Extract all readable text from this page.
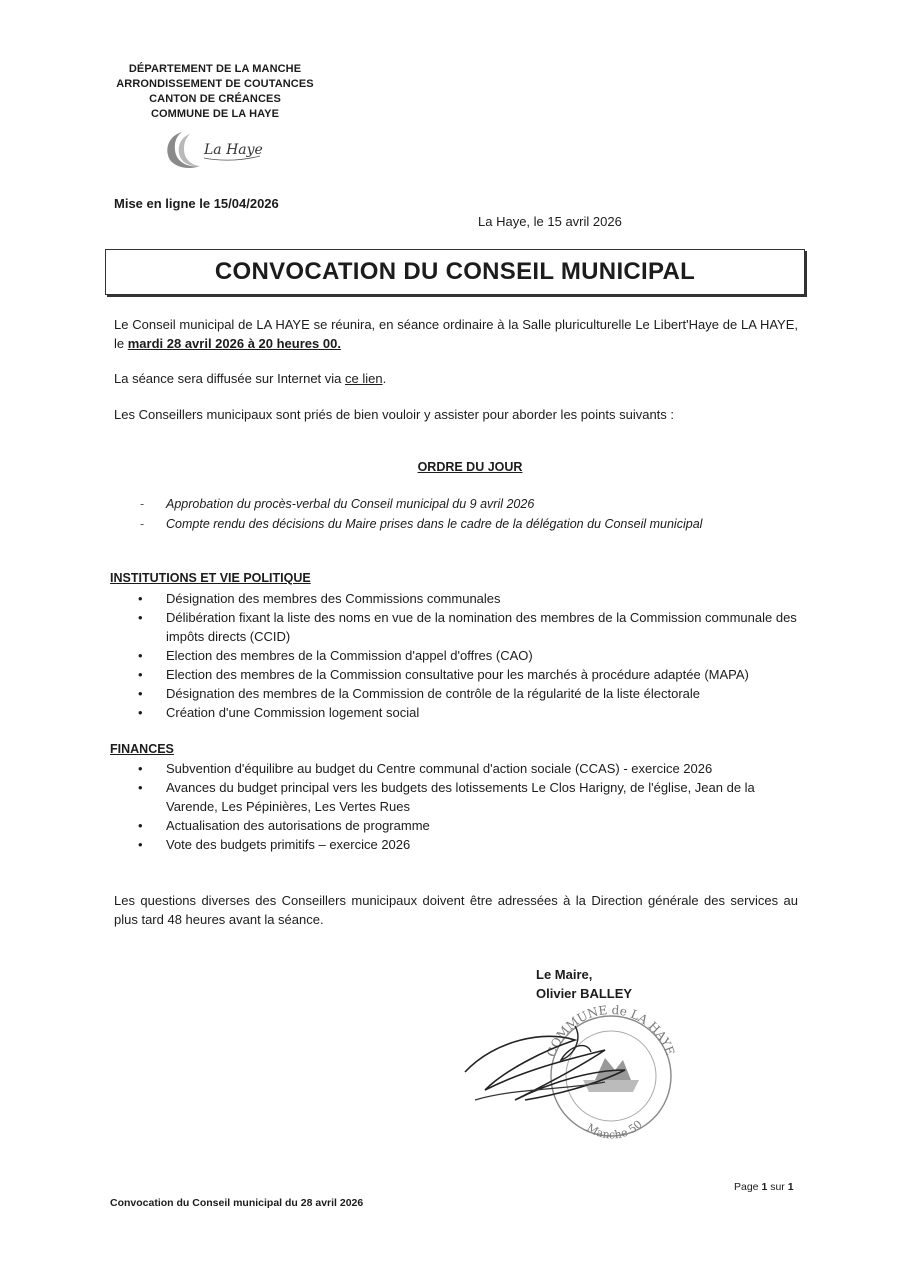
DÉPARTEMENT DE LA MANCHE
ARRONDISSEMENT DE COUTANCES
CANTON DE CRÉANCES
COMMUNE DE LA HAYE
La Haye
Mise en ligne le 15/04/2026
La Haye, le 15 avril 2026
CONVOCATION DU CONSEIL MUNICIPAL
Le Conseil municipal de LA HAYE se réunira, en séance ordinaire à la Salle pluriculturelle Le Libert'Haye de LA HAYE, le mardi 28 avril 2026 à 20 heures 00.
La séance sera diffusée sur Internet via ce lien.
Les Conseillers municipaux sont priés de bien vouloir y assister pour aborder les points suivants :
ORDRE DU JOUR
- Approbation du procès-verbal du Conseil municipal du 9 avril 2026
- Compte rendu des décisions du Maire prises dans le cadre de la délégation du Conseil municipal
INSTITUTIONS ET VIE POLITIQUE
• Désignation des membres des Commissions communales
• Délibération fixant la liste des noms en vue de la nomination des membres de la Commission communale des impôts directs (CCID)
• Election des membres de la Commission d'appel d'offres (CAO)
• Election des membres de la Commission consultative pour les marchés à procédure adaptée (MAPA)
• Désignation des membres de la Commission de contrôle de la régularité de la liste électorale
• Création d'une Commission logement social
FINANCES
• Subvention d'équilibre au budget du Centre communal d'action sociale (CCAS) - exercice 2026
• Avances du budget principal vers les budgets des lotissements Le Clos Harigny, de l'église, Jean de la Varende, Les Pépinières, Les Vertes Rues
• Actualisation des autorisations de programme
• Vote des budgets primitifs – exercice 2026
Les questions diverses des Conseillers municipaux doivent être adressées à la Direction générale des services au plus tard 48 heures avant la séance.
Le Maire,
Olivier BALLEY
COMMUNE de LA HAYE
Manche 50
Page 1 sur 1
Convocation du Conseil municipal du 28 avril 2026
